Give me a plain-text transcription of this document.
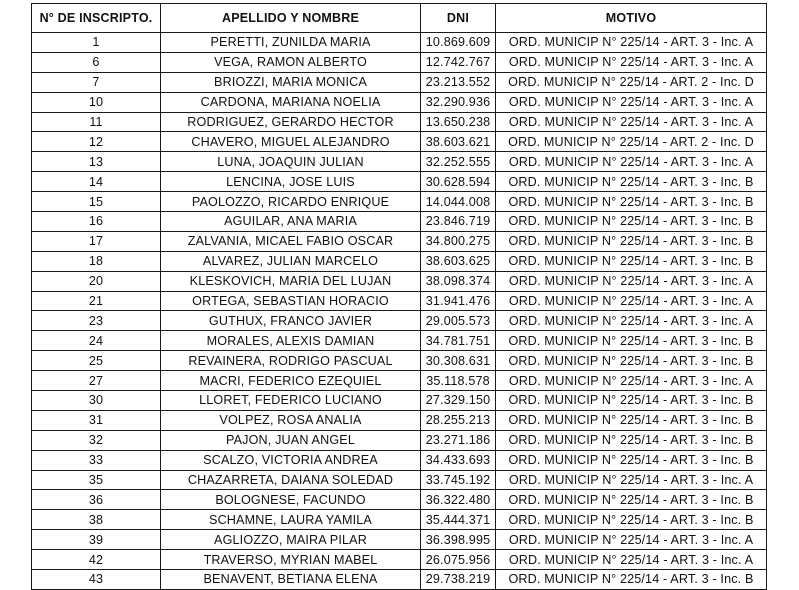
N° DE INSCRIPTO.	APELLIDO Y NOMBRE	DNI	MOTIVO
1	PERETTI, ZUNILDA MARIA	10.869.609	ORD. MUNICIP N° 225/14 - ART. 3 - Inc. A
6	VEGA, RAMON ALBERTO	12.742.767	ORD. MUNICIP N° 225/14 - ART. 3 - Inc. A
7	BRIOZZI, MARIA MONICA	23.213.552	ORD. MUNICIP N° 225/14 - ART. 2 - Inc. D
10	CARDONA, MARIANA NOELIA	32.290.936	ORD. MUNICIP N° 225/14 - ART. 3 - Inc. A
11	RODRIGUEZ, GERARDO HECTOR	13.650.238	ORD. MUNICIP N° 225/14 - ART. 3 - Inc. A
12	CHAVERO, MIGUEL ALEJANDRO	38.603.621	ORD. MUNICIP N° 225/14 - ART. 2 - Inc. D
13	LUNA, JOAQUIN JULIAN	32.252.555	ORD. MUNICIP N° 225/14 - ART. 3 - Inc. A
14	LENCINA, JOSE LUIS	30.628.594	ORD. MUNICIP N° 225/14 - ART. 3 - Inc. B
15	PAOLOZZO, RICARDO ENRIQUE	14.044.008	ORD. MUNICIP N° 225/14 - ART. 3 - Inc. B
16	AGUILAR, ANA MARIA	23.846.719	ORD. MUNICIP N° 225/14 - ART. 3 - Inc. B
17	ZALVANIA, MICAEL FABIO OSCAR	34.800.275	ORD. MUNICIP N° 225/14 - ART. 3 - Inc. B
18	ALVAREZ, JULIAN MARCELO	38.603.625	ORD. MUNICIP N° 225/14 - ART. 3 - Inc. B
20	KLESKOVICH, MARIA DEL LUJAN	38.098.374	ORD. MUNICIP N° 225/14 - ART. 3 - Inc. A
21	ORTEGA, SEBASTIAN HORACIO	31.941.476	ORD. MUNICIP N° 225/14 - ART. 3 - Inc. A
23	GUTHUX, FRANCO JAVIER	29.005.573	ORD. MUNICIP N° 225/14 - ART. 3 - Inc. A
24	MORALES, ALEXIS DAMIAN	34.781.751	ORD. MUNICIP N° 225/14 - ART. 3 - Inc. B
25	REVAINERA, RODRIGO PASCUAL	30.308.631	ORD. MUNICIP N° 225/14 - ART. 3 - Inc. B
27	MACRI, FEDERICO EZEQUIEL	35.118.578	ORD. MUNICIP N° 225/14 - ART. 3 - Inc. A
30	LLORET, FEDERICO LUCIANO	27.329.150	ORD. MUNICIP N° 225/14 - ART. 3 - Inc. B
31	VOLPEZ, ROSA ANALIA	28.255.213	ORD. MUNICIP N° 225/14 - ART. 3 - Inc. B
32	PAJON, JUAN ANGEL	23.271.186	ORD. MUNICIP N° 225/14 - ART. 3 - Inc. B
33	SCALZO, VICTORIA ANDREA	34.433.693	ORD. MUNICIP N° 225/14 - ART. 3 - Inc. B
35	CHAZARRETA, DAIANA SOLEDAD	33.745.192	ORD. MUNICIP N° 225/14 - ART. 3 - Inc. A
36	BOLOGNESE, FACUNDO	36.322.480	ORD. MUNICIP N° 225/14 - ART. 3 - Inc. B
38	SCHAMNE, LAURA YAMILA	35.444.371	ORD. MUNICIP N° 225/14 - ART. 3 - Inc. B
39	AGLIOZZO, MAIRA PILAR	36.398.995	ORD. MUNICIP N° 225/14 - ART. 3 - Inc. A
42	TRAVERSO, MYRIAN MABEL	26.075.956	ORD. MUNICIP N° 225/14 - ART. 3 - Inc. A
43	BENAVENT, BETIANA ELENA	29.738.219	ORD. MUNICIP N° 225/14 - ART. 3 - Inc. B
